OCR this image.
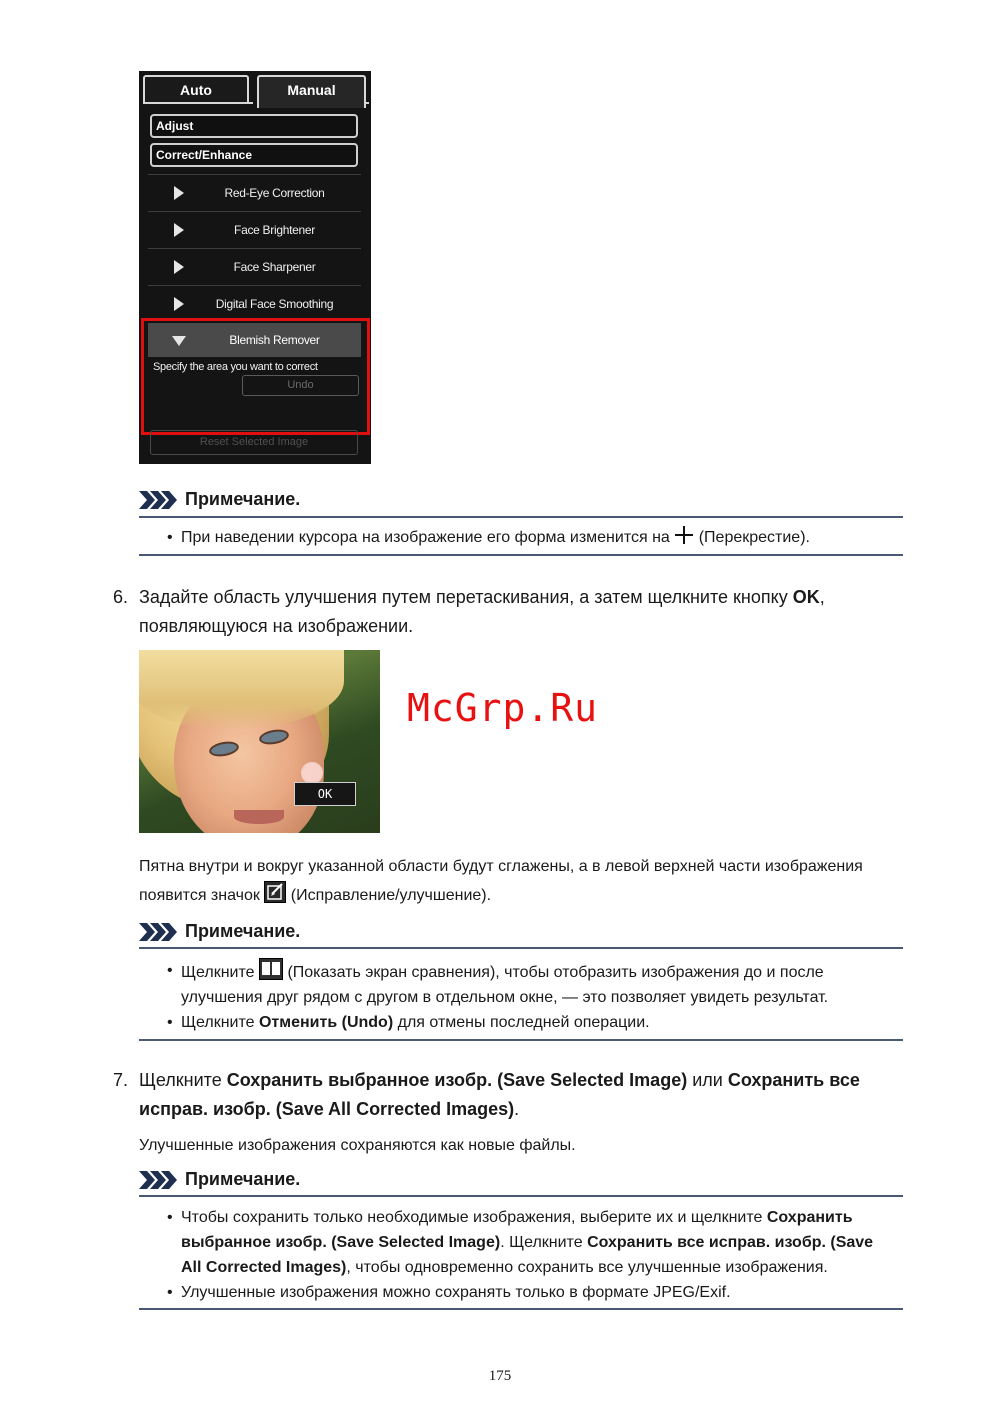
Auto	Manual
Adjust
Correct/Enhance
Red-Eye Correction
Face Brightener
Face Sharpener
Digital Face Smoothing
Blemish Remover
Specify the area you want to correct
Undo
Reset Selected Image
Примечание.
• При наведении курсора на изображение его форма изменится на (Перекрестие).
6. Задайте область улучшения путем перетаскивания, а затем щелкните кнопку OK,
появляющуюся на изображении.
OK
McGrp.Ru
Пятна внутри и вокруг указанной области будут сглажены, а в левой верхней части изображения
появится значок (Исправление/улучшение).
Примечание.
• Щелкните (Показать экран сравнения), чтобы отобразить изображения до и после
улучшения друг рядом с другом в отдельном окне, — это позволяет увидеть результат.
• Щелкните Отменить (Undo) для отмены последней операции.
7. Щелкните Сохранить выбранное изобр. (Save Selected Image) или Сохранить все
исправ. изобр. (Save All Corrected Images).
Улучшенные изображения сохраняются как новые файлы.
Примечание.
• Чтобы сохранить только необходимые изображения, выберите их и щелкните Сохранить
выбранное изобр. (Save Selected Image). Щелкните Сохранить все исправ. изобр. (Save
All Corrected Images), чтобы одновременно сохранить все улучшенные изображения.
• Улучшенные изображения можно сохранять только в формате JPEG/Exif.
175
